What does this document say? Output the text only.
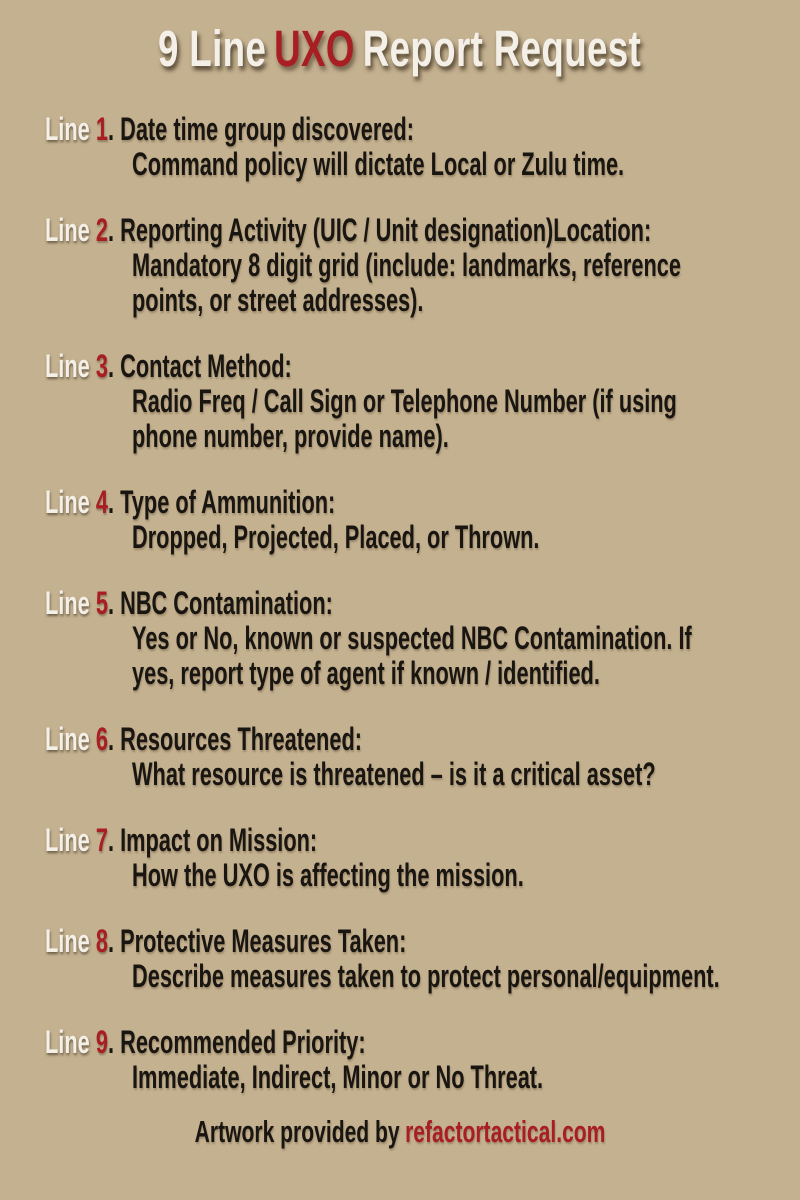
9 Line UXO Report Request
Line 1. Date time group discovered:
Command policy will dictate Local or Zulu time.
Line 2. Reporting Activity (UIC / Unit designation)Location:
Mandatory 8 digit grid (include: landmarks, reference
points, or street addresses).
Line 3. Contact Method:
Radio Freq / Call Sign or Telephone Number (if using
phone number, provide name).
Line 4. Type of Ammunition:
Dropped, Projected, Placed, or Thrown.
Line 5. NBC Contamination:
Yes or No, known or suspected NBC Contamination. If
yes, report type of agent if known / identified.
Line 6. Resources Threatened:
What resource is threatened – is it a critical asset?
Line 7. Impact on Mission:
How the UXO is affecting the mission.
Line 8. Protective Measures Taken:
Describe measures taken to protect personal/equipment.
Line 9. Recommended Priority:
Immediate, Indirect, Minor or No Threat.
Artwork provided by refactortactical.com
